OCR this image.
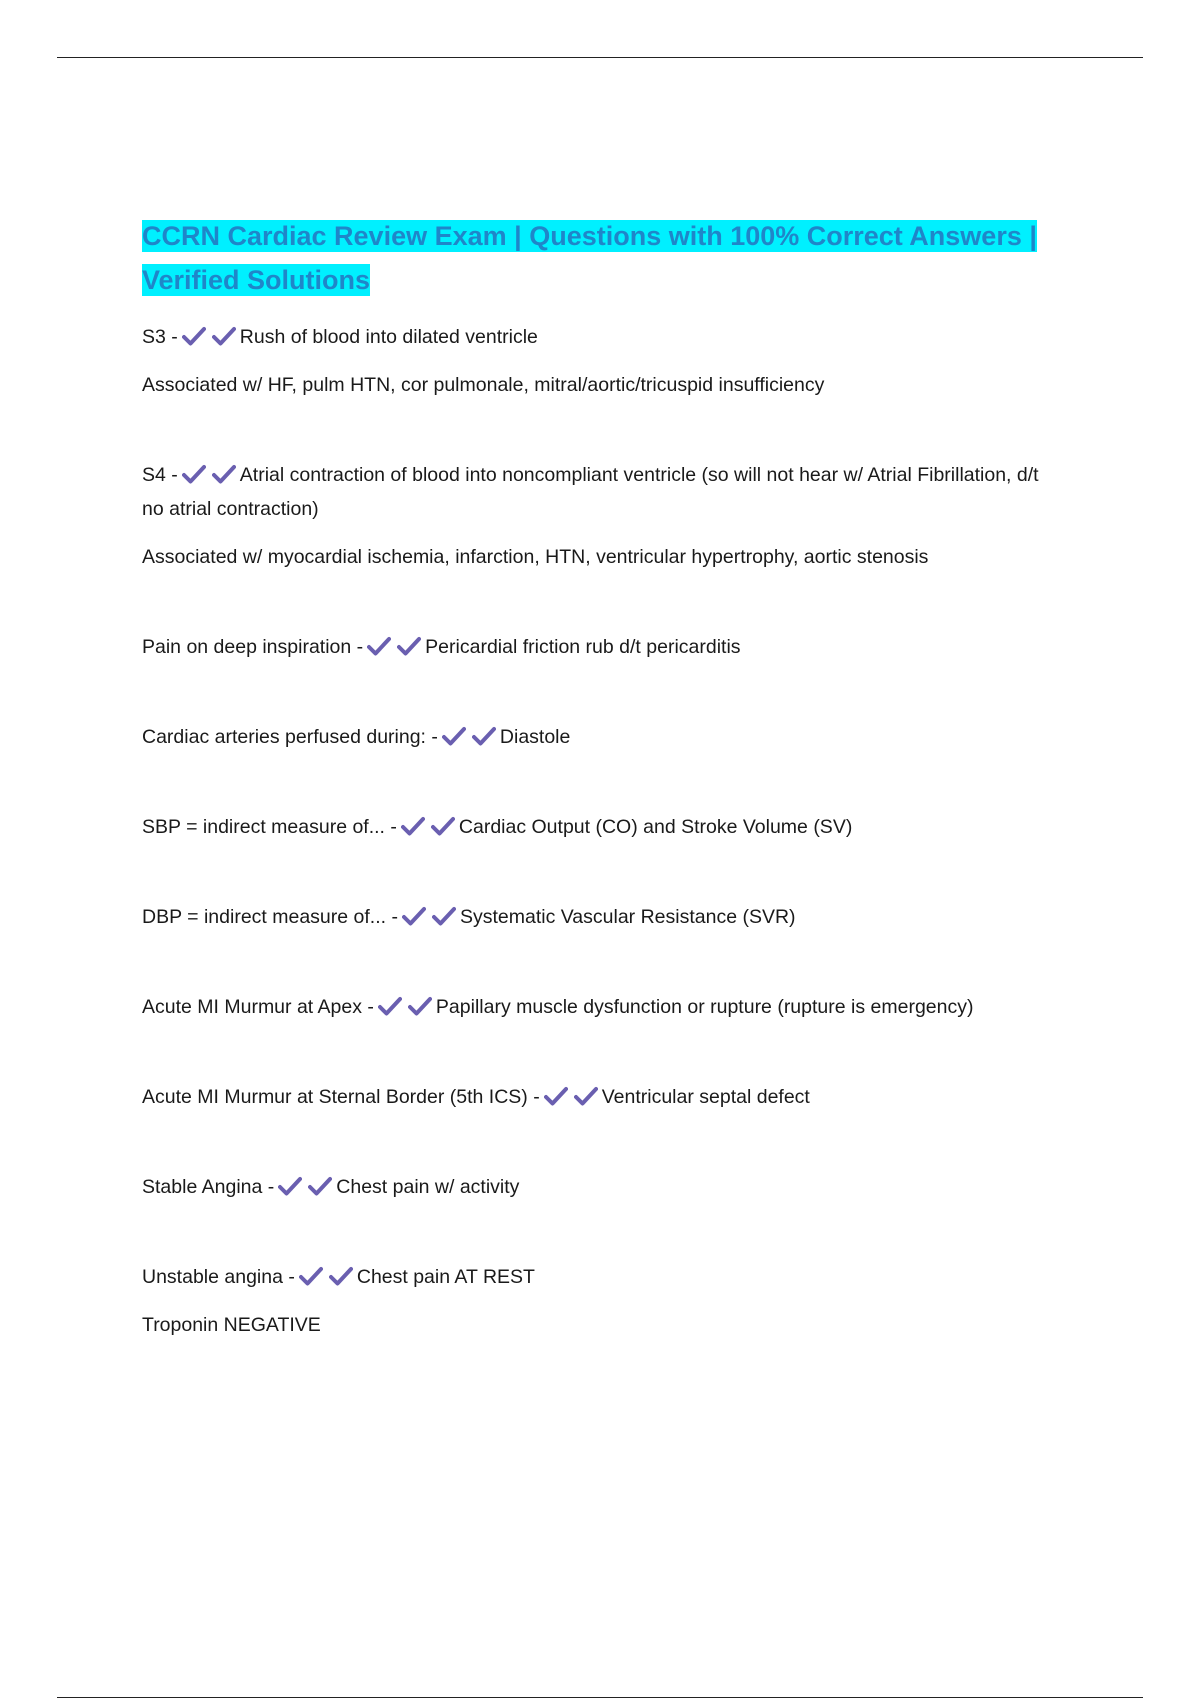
CCRN Cardiac Review Exam | Questions with 100% Correct Answers |
Verified Solutions

S3 -	Rush of blood into dilated ventricle

Associated w/ HF, pulm HTN, cor pulmonale, mitral/aortic/tricuspid insufficiency

S4 -	Atrial contraction of blood into noncompliant ventricle (so will not hear w/ Atrial Fibrillation, d/t no atrial contraction)

Associated w/ myocardial ischemia, infarction, HTN, ventricular hypertrophy, aortic stenosis

Pain on deep inspiration -	Pericardial friction rub d/t pericarditis

Cardiac arteries perfused during: -	Diastole

SBP = indirect measure of... -	Cardiac Output (CO) and Stroke Volume (SV)

DBP = indirect measure of... -	Systematic Vascular Resistance (SVR)

Acute MI Murmur at Apex -	Papillary muscle dysfunction or rupture (rupture is emergency)

Acute MI Murmur at Sternal Border (5th ICS) -	Ventricular septal defect

Stable Angina -	Chest pain w/ activity

Unstable angina -	Chest pain AT REST

Troponin NEGATIVE
